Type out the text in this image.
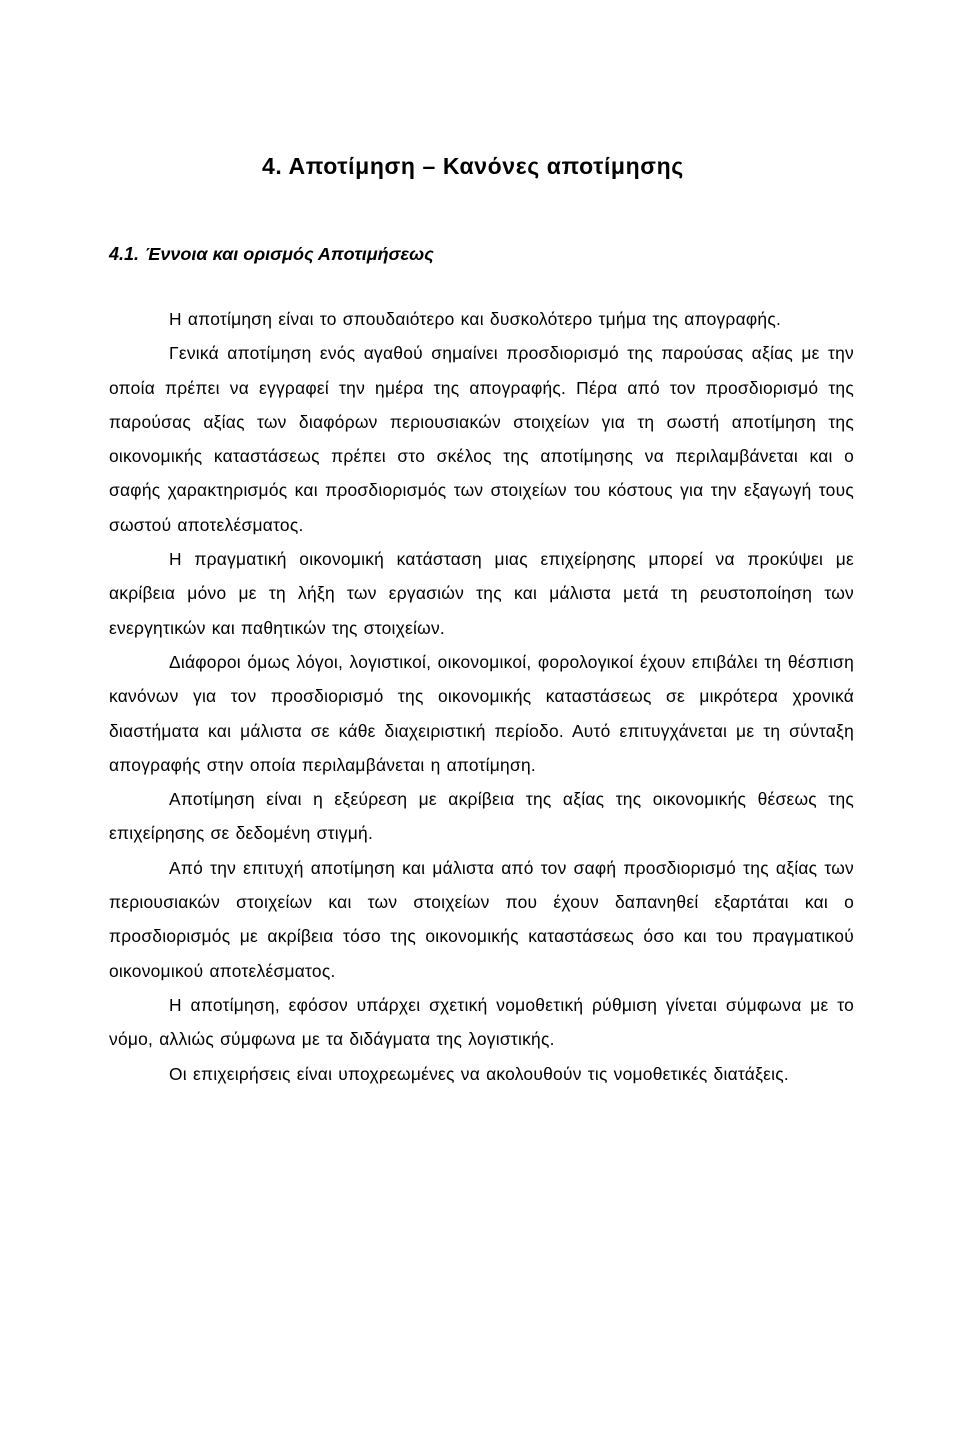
4. Αποτίμηση – Κανόνες αποτίμησης
4.1. Έννοια και ορισμός Αποτιμήσεως

Η αποτίμηση είναι το σπουδαιότερο και δυσκολότερο τμήμα της απογραφής.

Γενικά αποτίμηση ενός αγαθού σημαίνει προσδιορισμό της παρούσας αξίας με την οποία πρέπει να εγγραφεί την ημέρα της απογραφής. Πέρα από τον προσδιορισμό της παρούσας αξίας των διαφόρων περιουσιακών στοιχείων για τη σωστή αποτίμηση της οικονομικής καταστάσεως πρέπει στο σκέλος της αποτίμησης να περιλαμβάνεται και ο σαφής χαρακτηρισμός και προσδιορισμός των στοιχείων του κόστους για την εξαγωγή τους σωστού αποτελέσματος.

Η πραγματική οικονομική κατάσταση μιας επιχείρησης μπορεί να προκύψει με ακρίβεια μόνο με τη λήξη των εργασιών της και μάλιστα μετά τη ρευστοποίηση των ενεργητικών και παθητικών της στοιχείων.

Διάφοροι όμως λόγοι, λογιστικοί, οικονομικοί, φορολογικοί έχουν επιβάλει τη θέσπιση κανόνων για τον προσδιορισμό της οικονομικής καταστάσεως σε μικρότερα χρονικά διαστήματα και μάλιστα σε κάθε διαχειριστική περίοδο. Αυτό επιτυγχάνεται με τη σύνταξη απογραφής στην οποία περιλαμβάνεται η αποτίμηση.

Αποτίμηση είναι η εξεύρεση με ακρίβεια της αξίας της οικονομικής θέσεως της επιχείρησης σε δεδομένη στιγμή.

Από την επιτυχή αποτίμηση και μάλιστα από τον σαφή προσδιορισμό της αξίας των περιουσιακών στοιχείων και των στοιχείων που έχουν δαπανηθεί εξαρτάται και ο προσδιορισμός με ακρίβεια τόσο της οικονομικής καταστάσεως όσο και του πραγματικού οικονομικού αποτελέσματος.

Η αποτίμηση, εφόσον υπάρχει σχετική νομοθετική ρύθμιση γίνεται σύμφωνα με το νόμο, αλλιώς σύμφωνα με τα διδάγματα της λογιστικής.

Οι επιχειρήσεις είναι υποχρεωμένες να ακολουθούν τις νομοθετικές διατάξεις.
